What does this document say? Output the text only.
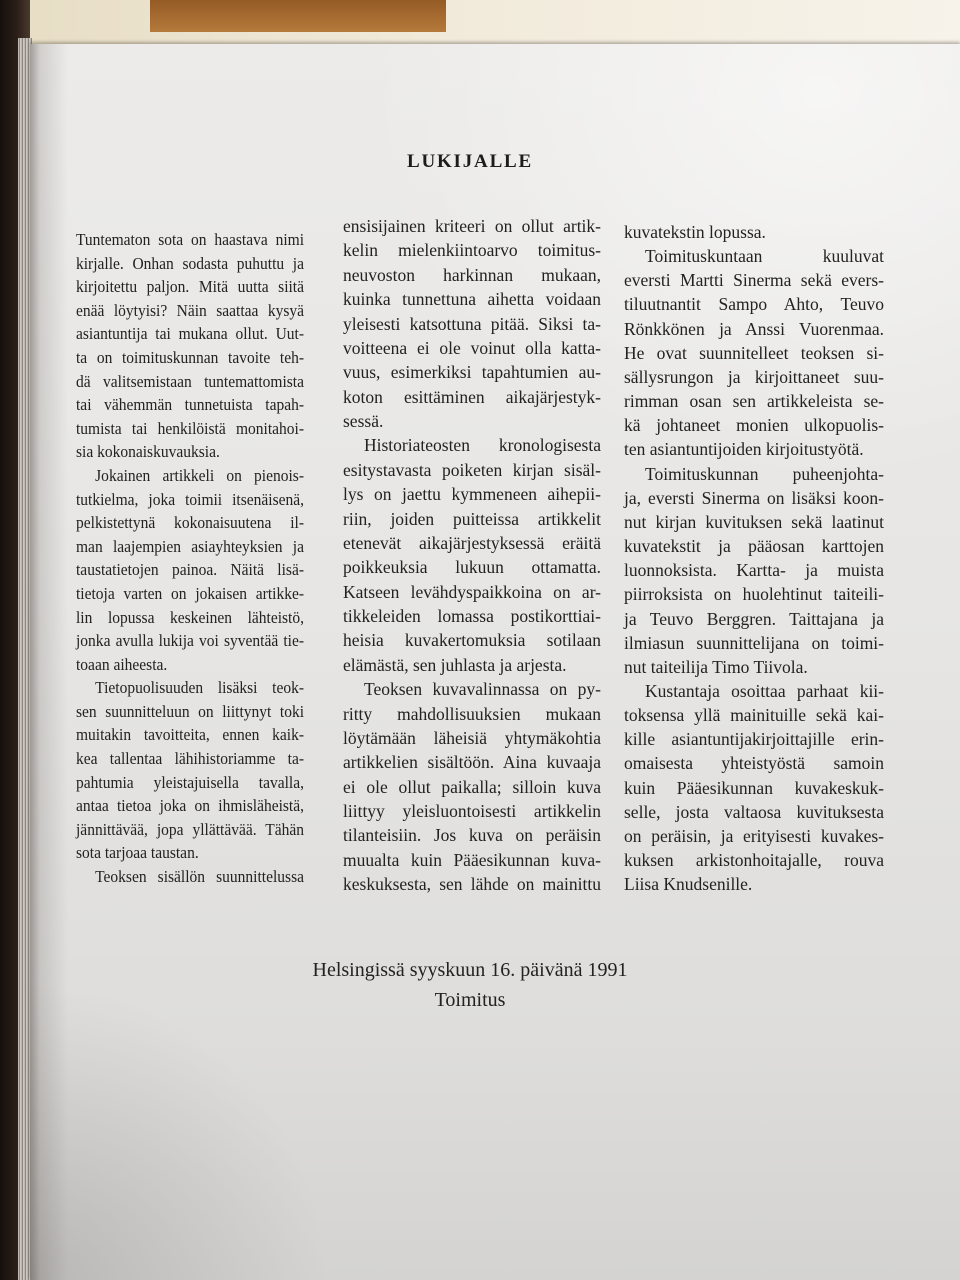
LUKIJALLE
Tuntematon sota on haastava nimi
kirjalle. Onhan sodasta puhuttu ja
kirjoitettu paljon. Mitä uutta siitä
enää löytyisi? Näin saattaa kysyä
asiantuntija tai mukana ollut. Uut-
ta on toimituskunnan tavoite teh-
dä valitsemistaan tuntemattomista
tai vähemmän tunnetuista tapah-
tumista tai henkilöistä monitahoi-
sia kokonaiskuvauksia.
Jokainen artikkeli on pienois-
tutkielma, joka toimii itsenäisenä,
pelkistettynä kokonaisuutena il-
man laajempien asiayhteyksien ja
taustatietojen painoa. Näitä lisä-
tietoja varten on jokaisen artikke-
lin lopussa keskeinen lähteistö,
jonka avulla lukija voi syventää tie-
toaan aiheesta.
Tietopuolisuuden lisäksi teok-
sen suunnitteluun on liittynyt toki
muitakin tavoitteita, ennen kaik-
kea tallentaa lähihistoriamme ta-
pahtumia yleistajuisella tavalla,
antaa tietoa joka on ihmisläheistä,
jännittävää, jopa yllättävää. Tähän
sota tarjoaa taustan.
Teoksen sisällön suunnittelussa
ensisijainen kriteeri on ollut artik-
kelin mielenkiintoarvo toimitus-
neuvoston harkinnan mukaan,
kuinka tunnettuna aihetta voidaan
yleisesti katsottuna pitää. Siksi ta-
voitteena ei ole voinut olla katta-
vuus, esimerkiksi tapahtumien au-
koton esittäminen aikajärjestyk-
sessä.
Historiateosten kronologisesta
esitystavasta poiketen kirjan sisäl-
lys on jaettu kymmeneen aihepii-
riin, joiden puitteissa artikkelit
etenevät aikajärjestyksessä eräitä
poikkeuksia lukuun ottamatta.
Katseen levähdyspaikkoina on ar-
tikkeleiden lomassa postikorttiai-
heisia kuvakertomuksia sotilaan
elämästä, sen juhlasta ja arjesta.
Teoksen kuvavalinnassa on py-
ritty mahdollisuuksien mukaan
löytämään läheisiä yhtymäkohtia
artikkelien sisältöön. Aina kuvaaja
ei ole ollut paikalla; silloin kuva
liittyy yleisluontoisesti artikkelin
tilanteisiin. Jos kuva on peräisin
muualta kuin Pääesikunnan kuva-
keskuksesta, sen lähde on mainittu
kuvatekstin lopussa.
Toimituskuntaan kuuluvat
eversti Martti Sinerma sekä evers-
tiluutnantit Sampo Ahto, Teuvo
Rönkkönen ja Anssi Vuorenmaa.
He ovat suunnitelleet teoksen si-
sällysrungon ja kirjoittaneet suu-
rimman osan sen artikkeleista se-
kä johtaneet monien ulkopuolis-
ten asiantuntijoiden kirjoitustyötä.
Toimituskunnan puheenjohta-
ja, eversti Sinerma on lisäksi koon-
nut kirjan kuvituksen sekä laatinut
kuvatekstit ja pääosan karttojen
luonnoksista. Kartta- ja muista
piirroksista on huolehtinut taiteili-
ja Teuvo Berggren. Taittajana ja
ilmiasun suunnittelijana on toimi-
nut taiteilija Timo Tiivola.
Kustantaja osoittaa parhaat kii-
toksensa yllä mainituille sekä kai-
kille asiantuntijakirjoittajille erin-
omaisesta yhteistyöstä samoin
kuin Pääesikunnan kuvakeskuk-
selle, josta valtaosa kuvituksesta
on peräisin, ja erityisesti kuvakes-
kuksen arkistonhoitajalle, rouva
Liisa Knudsenille.
Helsingissä syyskuun 16. päivänä 1991
Toimitus
